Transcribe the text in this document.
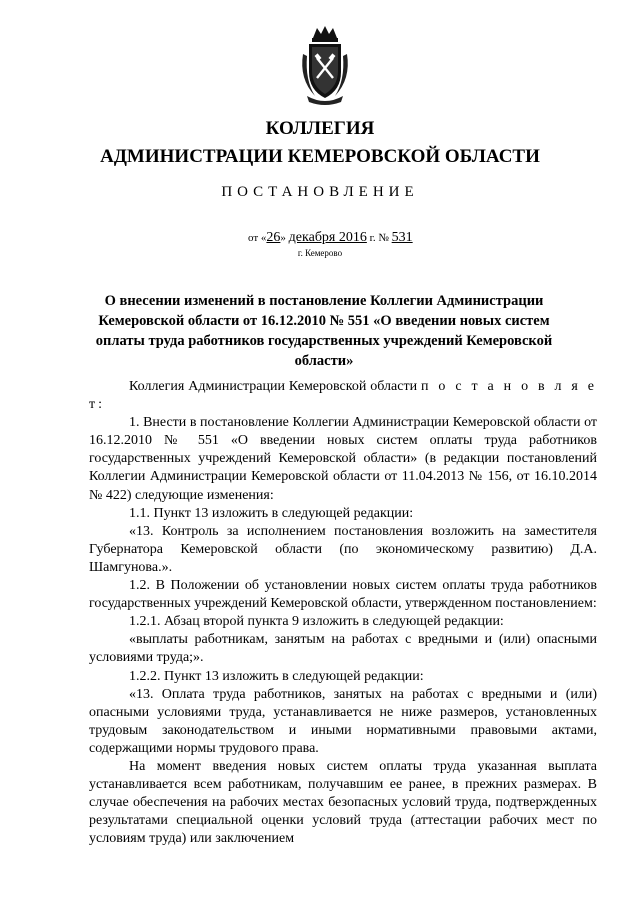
КОЛЛЕГИЯ
АДМИНИСТРАЦИИ КЕМЕРОВСКОЙ ОБЛАСТИ
ПОСТАНОВЛЕНИЕ
от «26» декабря 2016 г. № 531
г. Кемерово
О внесении изменений в постановление Коллегии Администрации Кемеровской области от 16.12.2010 № 551 «О введении новых систем оплаты труда работников государственных учреждений Кемеровской области»

Коллегия Администрации Кемеровской области п о с т а н о в л я е т:

1. Внести в постановление Коллегии Администрации Кемеровской области от 16.12.2010 № 551 «О введении новых систем оплаты труда работников государственных учреждений Кемеровской области» (в редакции постановлений Коллегии Администрации Кемеровской области от 11.04.2013 № 156, от 16.10.2014 № 422) следующие изменения:

1.1. Пункт 13 изложить в следующей редакции:

«13. Контроль за исполнением постановления возложить на заместителя Губернатора Кемеровской области (по экономическому развитию) Д.А. Шамгунова.».

1.2. В Положении об установлении новых систем оплаты труда работников государственных учреждений Кемеровской области, утвержденном постановлением:

1.2.1. Абзац второй пункта 9 изложить в следующей редакции:

«выплаты работникам, занятым на работах с вредными и (или) опасными условиями труда;».

1.2.2. Пункт 13 изложить в следующей редакции:

«13. Оплата труда работников, занятых на работах с вредными и (или) опасными условиями труда, устанавливается не ниже размеров, установленных трудовым законодательством и иными нормативными правовыми актами, содержащими нормы трудового права.

На момент введения новых систем оплаты труда указанная выплата устанавливается всем работникам, получавшим ее ранее, в прежних размерах. В случае обеспечения на рабочих местах безопасных условий труда, подтвержденных результатами специальной оценки условий труда (аттестации рабочих мест по условиям труда) или заключением
